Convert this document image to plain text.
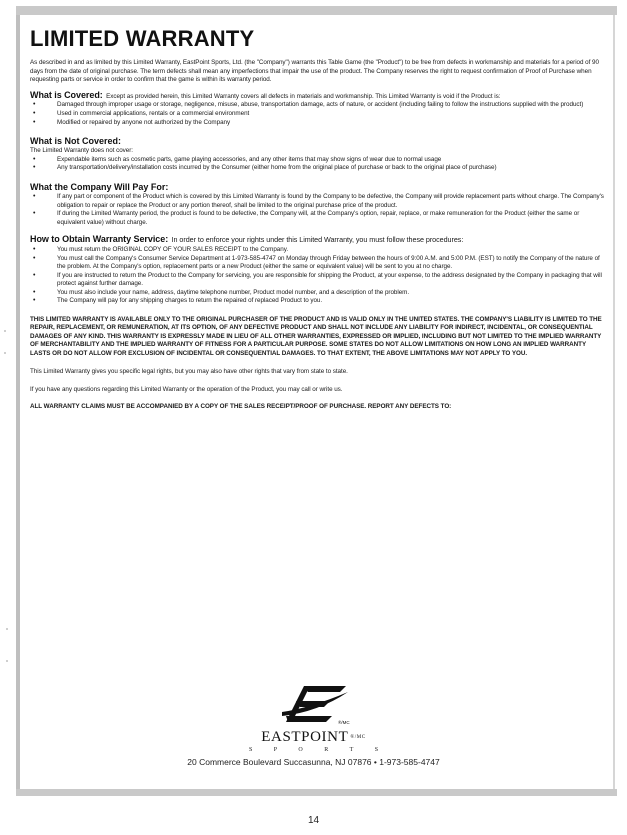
LIMITED WARRANTY

As described in and as limited by this Limited Warranty, EastPoint Sports, Ltd. (the "Company") warrants this Table Game (the "Product") to be free from defects in workmanship and materials for a period of 90 days from the date of original purchase. The term defects shall mean any imperfections that impair the use of the product. The Company reserves the right to request confirmation of Proof of Purchase when requesting parts or service in order to confirm that the game is within its warranty period.

What is Covered: Except as provided herein, this Limited Warranty covers all defects in materials and workmanship. This Limited Warranty is void if the Product is:

• Damaged through improper usage or storage, negligence, misuse, abuse, transportation damage, acts of nature, or accident (including failing to follow the instructions supplied with the product)
• Used in commercial applications, rentals or a commercial environment
• Modified or repaired by anyone not authorized by the Company
What is Not Covered:

The Limited Warranty does not cover:

• Expendable items such as cosmetic parts, game playing accessories, and any other items that may show signs of wear due to normal usage
• Any transportation/delivery/installation costs incurred by the Consumer (either home from the original place of purchase or back to the original place of purchase)
What the Company Will Pay For:
• If any part or component of the Product which is covered by this Limited Warranty is found by the Company to be defective, the Company will provide replacement parts without charge. The Company's obligation to repair or replace the Product or any portion thereof, shall be limited to the original purchase price of the product.
• If during the Limited Warranty period, the product is found to be defective, the Company will, at the Company's option, repair, replace, or make remuneration for the Product (either the same or equivalent value) without charge.

How to Obtain Warranty Service: In order to enforce your rights under this Limited Warranty, you must follow these procedures:

• You must return the ORIGINAL COPY OF YOUR SALES RECEIPT to the Company.
• You must call the Company's Consumer Service Department at 1-973-585-4747 on Monday through Friday between the hours of 9:00 A.M. and 5:00 P.M. (EST) to notify the Company of the nature of the problem. At the Company's option, replacement parts or a new Product (either the same or equivalent value) will be sent to you at no charge.
• If you are instructed to return the Product to the Company for servicing, you are responsible for shipping the Product, at your expense, to the address designated by the Company in packaging that will protect against further damage.
• You must also include your name, address, daytime telephone number, Product model number, and a description of the problem.
• The Company will pay for any shipping charges to return the repaired of replaced Product to you.

THIS LIMITED WARRANTY IS AVAILABLE ONLY TO THE ORIGINAL PURCHASER OF THE PRODUCT AND IS VALID ONLY IN THE UNITED STATES. THE COMPANY'S LIABILITY IS LIMITED TO THE REPAIR, REPLACEMENT, OR REMUNERATION, AT ITS OPTION, OF ANY DEFECTIVE PRODUCT AND SHALL NOT INCLUDE ANY LIABILITY FOR INDIRECT, INCIDENTAL, OR CONSEQUENTIAL DAMAGES OF ANY KIND. THIS WARRANTY IS EXPRESSLY MADE IN LIEU OF ALL OTHER WARRANTIES, EXPRESSED OR IMPLIED, INCLUDING BUT NOT LIMITED TO THE IMPLIED WARRANTY OF MERCHANTABILITY AND THE IMPLIED WARRANTY OF FITNESS FOR A PARTICULAR PURPOSE. SOME STATES DO NOT ALLOW LIMITATIONS ON HOW LONG AN IMPLIED WARRANTY LASTS OR DO NOT ALLOW FOR EXCLUSION OF INCIDENTAL OR CONSEQUENTIAL DAMAGES. TO THAT EXTENT, THE ABOVE LIMITATIONS MAY NOT APPLY TO YOU.

This Limited Warranty gives you specific legal rights, but you may also have other rights that vary from state to state.

If you have any questions regarding this Limited Warranty or the operation of the Product, you may call or write us.

ALL WARRANTY CLAIMS MUST BE ACCOMPANIED BY A COPY OF THE SALES RECEIPT/PROOF OF PURCHASE. REPORT ANY DEFECTS TO:

®/MC
EASTPOINT ®/MC
S P O R T S
20 Commerce Boulevard Succasunna, NJ 07876 • 1-973-585-4747
14
